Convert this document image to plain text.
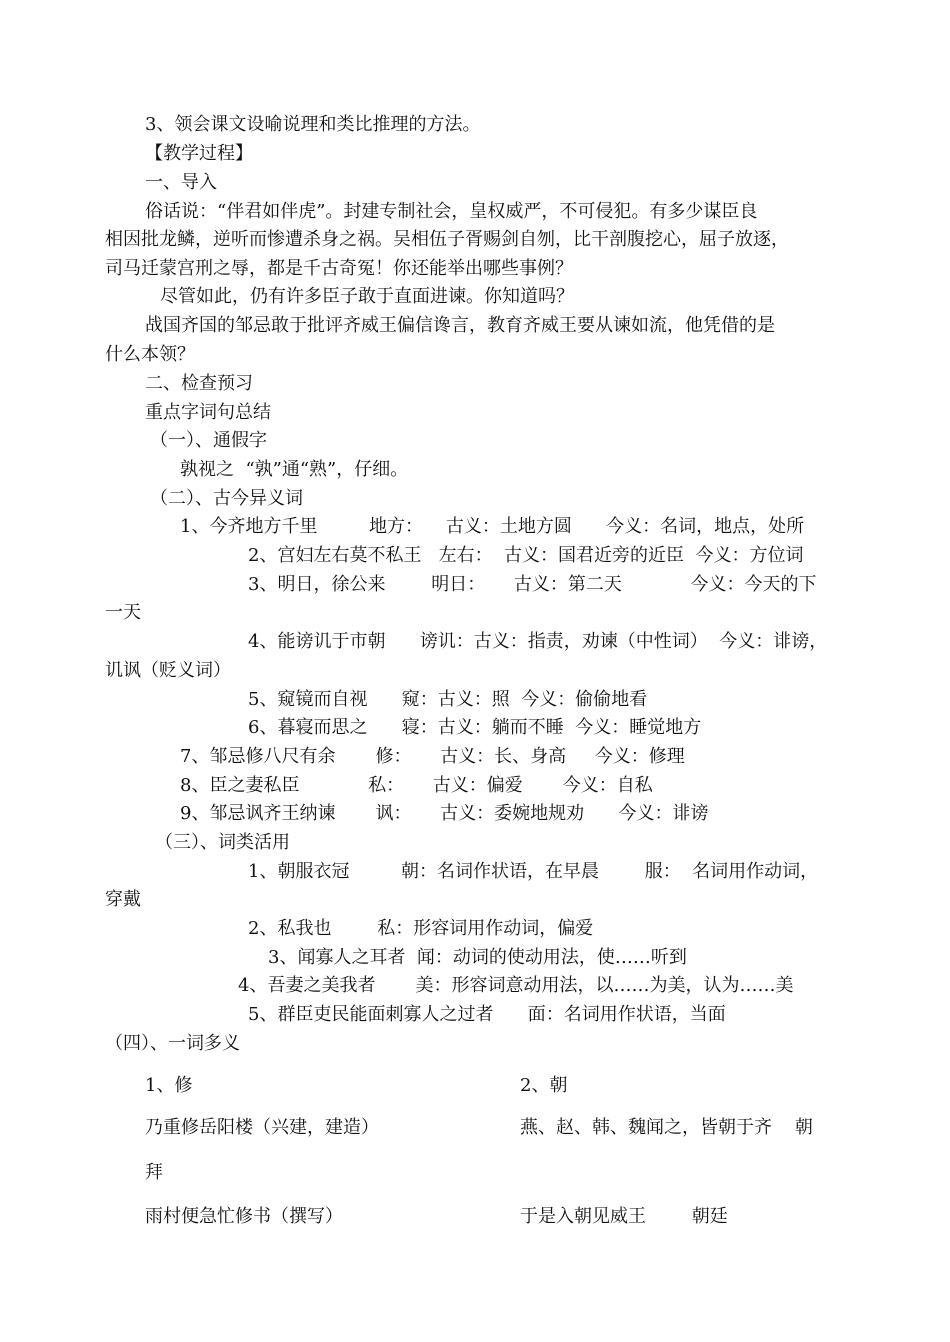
3、领会课文设喻说理和类比推理的方法。
【教学过程】
一、导入
俗话说：“伴君如伴虎”。封建专制社会，皇权威严，不可侵犯。有多少谋臣良
相因批龙鳞，逆听而惨遭杀身之祸。吴相伍子胥赐剑自刎，比干剖腹挖心，屈子放逐，
司马迁蒙宫刑之辱，都是千古奇冤！你还能举出哪些事例？
尽管如此，仍有许多臣子敢于直面进谏。你知道吗？
战国齐国的邹忌敢于批评齐威王偏信谗言，教育齐威王要从谏如流，他凭借的是
什么本领？
二、检查预习
重点字词句总结
（一）、通假字
孰视之  “孰”通“熟”，仔细。
（二）、古今异义词
1、今齐地方千里         地方：    古义：土地方圆      今义：名词，地点，处所
2、宫妇左右莫不私王   左右：  古义：国君近旁的近臣  今义：方位词
3、明日，徐公来        明日：     古义：第二天            今义：今天的下
一天
4、能谤讥于市朝      谤讥：古义：指责，劝谏（中性词）  今义：诽谤，
讥讽（贬义词）
5、窥镜而自视      窥：古义：照  今义：偷偷地看
6、暮寝而思之      寝：古义：躺而不睡  今义：睡觉地方
7、邹忌修八尺有余       修：     古义：长、身高     今义：修理
8、臣之妻私臣            私：     古义：偏爱       今义：自私
9、邹忌讽齐王纳谏       讽：     古义：委婉地规劝      今义：诽谤
（三）、词类活用
1、朝服衣冠         朝：名词作状语，在早晨        服：  名词用作动词，
穿戴
2、私我也        私：形容词用作动词，偏爱
3、闻寡人之耳者  闻：动词的使动用法，使……听到
4、吾妻之美我者       美：形容词意动用法，以……为美，认为……美
5、群臣吏民能面刺寡人之过者      面：名词用作状语，当面
（四）、一词多义
1、修	2、朝
乃重修岳阳楼（兴建，建造）	燕、赵、韩、魏闻之，皆朝于齐    朝
拜
雨村便急忙修书（撰写）	于是入朝见威王        朝廷
